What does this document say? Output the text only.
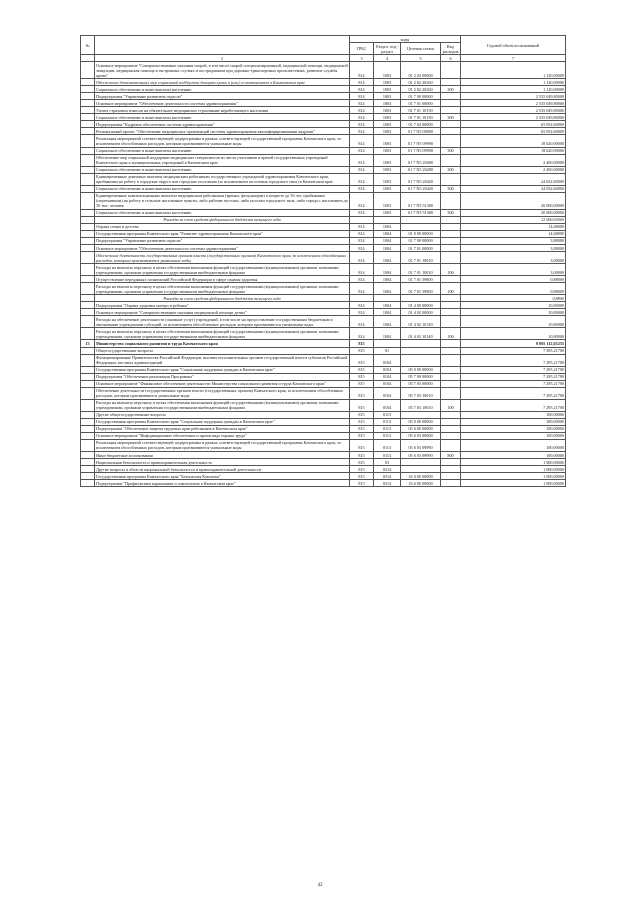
№		коды				Годовой объем ассигнований
		ГРБС	Раздел, под-раздел	Целевая статья	Вид расходов	
.	2	3	4	5	6	7
	Основное мероприятие "Совершенствование оказания скорой, в том числе скорой специализированной, медицинской помощи, медицинской эвакуации, медицинская помощь в экстренных случаях и пострадавшим при дорожно-транспортных происшествиях, развитие службы крови"	814	1003	01 2 02 00000		1 120,00000
	Обеспечение дополнительных мер социальной поддержки донорам крови и (или) ее компонентов в Камчатском крае	814	1003	01 2 02 20260		1 120,00000
	Социальное обеспечение и иные выплаты населению	814	1003	01 2 02 20260	300	1 120,00000
	Подпрограмма "Управление развитием отрасли"	814	1003	01 7 00 00000		2 535 049,80000
	Основное мероприятие "Обеспечение деятельности системы здравоохранения"	814	1003	01 7 01 00000		2 535 049,80000
	Уплата страховых взносов на обязательное медицинское страхование неработающего населения	814	1003	01 7 01 10150		2 535 049,80000
	Социальное обеспечение и иные выплаты населению	814	1003	01 7 01 10150	300	2 535 049,80000
	Подпрограмма "Кадровое обеспечение системы здравоохранения"	814	1003	01 7 02 00000		65 052,60000
	Региональный проект "Обеспечение медицинских организаций системы здравоохранения квалифицированными кадрами"	814	1003	01 7 N5 00000		65 052,60000
	Реализация мероприятий соответствующей подпрограммы в рамках соответствующей государственной программы Камчатского края, за исключением обособленных расходов, которым присваиваются уникальные коды	814	1003	01 7 N5 09990		18 620,00000
	Социальное обеспечение и иные выплаты населению	814	1003	01 7 N5 09990	300	18 620,00000
	Обеспечение мер социальной поддержки медицинских специалистов из числа участников и врачей государственных учреждений Камчатского края и муниципальных учреждений в Камчатском крае	814	1003	01 7 N5 20280		2 400,00000
	Социальное обеспечение и иные выплаты населению	814	1003	01 7 N5 20280	300	2 400,00000
	Единовременные денежные выплаты медицинским работникам государственных учреждений здравоохранения Камчатского края, прибывшим на работу в городские округа или городские поселения (за исключением поселения городского типа) в Камчатском крае	814	1003	01 7 N5 20420		24 032,60000
	Социальное обеспечение и иные выплаты населению	814	1003	01 7 N5 20420	300	24 032,60000
	Единовременные компенсационные выплаты медицинским работникам (врачам, фельдшерам) в возрасте до 50 лет, прибывшим (переехавшим) на работу в сельские населенные пункты, либо рабочие поселки, либо поселки городского типа, либо города с населением до 50 тыс. человек	814	1003	01 7 N5 51380		20 000,00000
	Социальное обеспечение и иные выплаты населению	814	1003	01 7 N5 51380	300	20 000,00000
	Расходы за счет средств федерального бюджета текущего года					12 000,00000
	Охрана семьи и детства	814	1004			14,68000
	Государственная программа Камчатского края "Развитие здравоохранения Камчатского края"	814	1004	01 0 00 00000		14,68000
	Подпрограмма "Управление развитием отрасли"	814	1004	01 7 00 00000		3,88000
	Основное мероприятие "Обеспечение деятельности системы здравоохранения"	814	1004	01 7 01 00000		3,88000
	Обеспечение деятельности государственных органов власти (государственных органов) Камчатского края, за исключением обособленных расходов, которым присваиваются уникальные коды	814	1004	01 7 01 10010		3,00000
	Расходы на выплаты персоналу в целях обеспечения выполнения функций государственными (муниципальными) органами, казенными учреждениями, органами управления государственными внебюджетными фондами	814	1004	01 7 01 10010	100	3,00000
	Осуществление переданных полномочий Российской Федерации в сфере охраны здоровья	814	1004	01 7 01 59800		0,88000
	Расходы на выплаты персоналу в целях обеспечения выполнения функций государственными (муниципальными) органами, казенными учреждениями, органами управления государственными внебюджетными фондами	814	1004	01 7 01 59800	100	0,88000
	Расходы за счет средств федерального бюджета текущего года					0,8800
	Подпрограмма "Охрана здоровья матери и ребенка"	814	1004	01 4 00 00000		10,80000
	Основное мероприятие "Совершенствование оказания медицинской помощи детям"	814	1004	01 4 02 00000		10,80000
	Расходы на обеспечение деятельности (оказание услуг) учреждений, в том числе на предоставление государственным бюджетным и автономным учреждениям субсидий, за исключением обособленных расходов, которым присваиваются уникальные коды	814	1004	01 4 02 10140		10,80000
	Расходы на выплаты персоналу в целях обеспечения выполнения функций государственными (муниципальными) органами, казенными учреждениями, органами управления государственными внебюджетными фондами	814	1004	01 4 02 10140	100	10,80000
13	Министерство социального развития и труда Камчатского края	815				8 005 112,65235
	Общегосударственные вопросы	815	01			7 395,21700
	Функционирование Правительства Российской Федерации, высших исполнительных органов государственной власти субъектов Российской Федерации, местных администраций	815	0104			7 295,21700
	Государственная программа Камчатского края "Социальная поддержка граждан в Камчатском крае"	815	0104	05 0 00 00000		7 295,21700
	Подпрограмма "Обеспечение реализации Программы"	815	0104	05 7 00 00000		7 295,21700
	Основное мероприятие "Финансовое обеспечение деятельности Министерства социального развития и труда Камчатского края"	815	0104	05 7 03 00000		7 295,21700
	Обеспечение деятельности государственных органов власти (государственных органов) Камчатского края, за исключением обособленных расходов, которым присваиваются уникальные коды	815	0104	05 7 03 10010		7 295,21700
	Расходы на выплаты персоналу в целях обеспечения выполнения функций государственными (муниципальными) органами, казенными учреждениями, органами управления государственными внебюджетными фондами	815	0104	05 7 03 10010	100	7 295,21700
	Другие общегосударственные вопросы	815	0113			100,00000
	Государственная программа Камчатского края "Социальная поддержка граждан в Камчатском крае"	815	0113	05 0 00 00000		100,00000
	Подпрограмма "Обеспечение защиты трудовых прав работников в Камчатском крае"	815	0113	05 6 00 00000		100,00000
	Основное мероприятие "Информационное обеспечение и пропаганда охраны труда"	815	0113	05 6 03 00000		100,00000
	Реализация мероприятий соответствующей подпрограммы в рамках соответствующей государственной программы Камчатского края, за исключением обособленных расходов, которым присваиваются уникальные коды	815	0113	05 6 03 09990		100,00000
	Иные бюджетные ассигнования	815	0113	05 6 03 09990	800	100,00000
	Национальная безопасность и правоохранительная деятельность	815	03			1 000,00000
	Другие вопросы в области национальной безопасности и правоохранительной деятельности	815	0314			1 000,00000
	Государственная программа Камчатского края "Безопасная Камчатка"	815	0314	16 0 00 00000		1 000,00000
	Подпрограмма "Профилактика наркомании и алкоголизма в Камчатском крае"	815	0314	16 6 00 00000		1 000,00000
42
